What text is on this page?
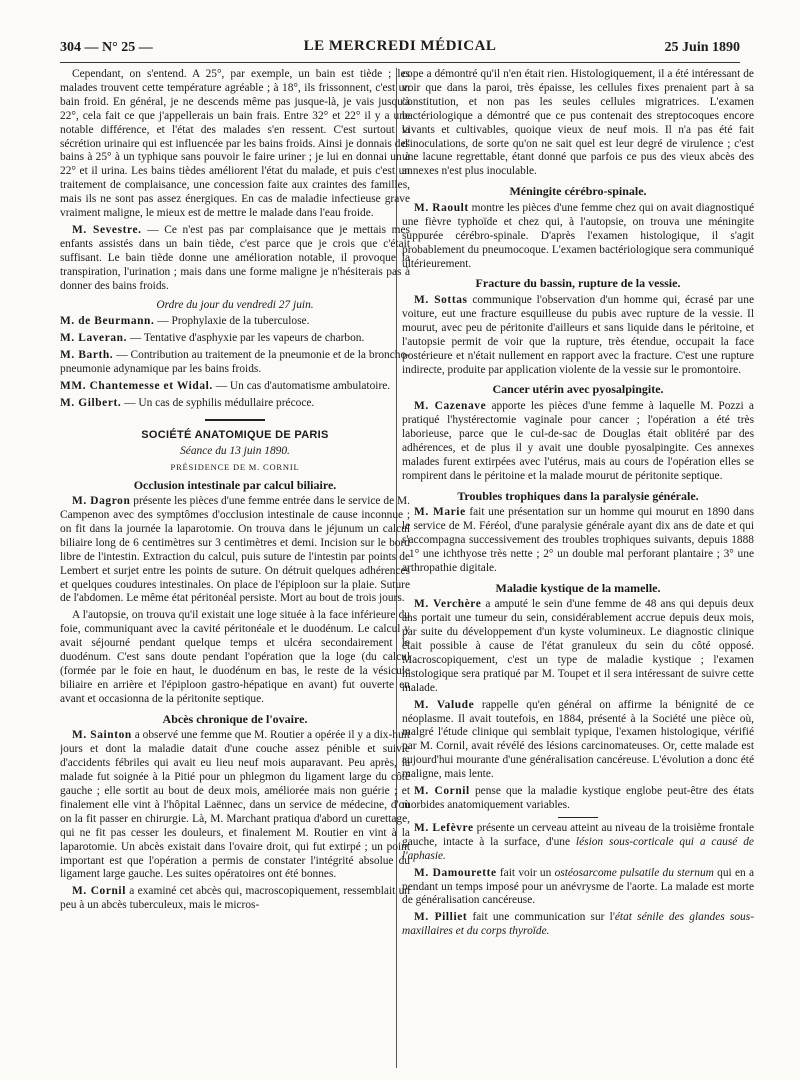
304 — N° 25 —	LE MERCREDI MÉDICAL	25 Juin 1890

Cependant, on s'entend. A 25°, par exemple, un bain est tiède ; les malades trouvent cette température agréable ; à 18°, ils frissonnent, c'est un bain froid. En général, je ne descends même pas jusque-là, je vais jusqu'à 22°, cela fait ce que j'appellerais un bain frais. Entre 32° et 22° il y a une notable différence, et l'état des malades s'en ressent. C'est surtout la sécrétion urinaire qui est influencée par les bains froids. Ainsi je donnais des bains à 25° à un typhique sans pouvoir le faire uriner ; je lui en donnai un à 22° et il urina. Les bains tièdes améliorent l'état du malade, et puis c'est un traitement de complaisance, une concession faite aux craintes des familles, mais ils ne sont pas assez énergiques. En cas de maladie infectieuse grave vraiment maligne, le mieux est de mettre le malade dans l'eau froide.

M. Sevestre. — Ce n'est pas par complaisance que je mettais mes enfants assistés dans un bain tiède, c'est parce que je crois que c'était suffisant. Le bain tiède donne une amélioration notable, il provoque la transpiration, l'urination ; mais dans une forme maligne je n'hésiterais pas à donner des bains froids.

Ordre du jour du vendredi 27 juin.

M. de Beurmann. — Prophylaxie de la tuberculose.

M. Laveran. — Tentative d'asphyxie par les vapeurs de charbon.

M. Barth. — Contribution au traitement de la pneumonie et de la broncho-pneumonie adynamique par les bains froids.

MM. Chantemesse et Widal. — Un cas d'automatisme ambulatoire.

M. Gilbert. — Un cas de syphilis médullaire précoce.

SOCIÉTÉ ANATOMIQUE DE PARIS

Séance du 13 juin 1890.

PRÉSIDENCE DE M. CORNIL

Occlusion intestinale par calcul biliaire.

M. Dagron présente les pièces d'une femme entrée dans le service de M. Campenon avec des symptômes d'occlusion intestinale de cause inconnue ; on fit dans la journée la laparotomie. On trouva dans le jéjunum un calcul biliaire long de 6 centimètres sur 3 centimètres et demi. Incision sur le bord libre de l'intestin. Extraction du calcul, puis suture de l'intestin par points de Lembert et surjet entre les points de suture. On détruit quelques adhérences et quelques coudures intestinales. On place de l'épiploon sur la plaie. Suture de l'abdomen. Le même état péritonéal persiste. Mort au bout de trois jours.

A l'autopsie, on trouva qu'il existait une loge située à la face inférieure du foie, communiquant avec la cavité péritonéale et le duodénum. Le calcul y avait séjourné pendant quelque temps et ulcéra secondairement le duodénum. C'est sans doute pendant l'opération que la loge (du calcul (formée par le foie en haut, le duodénum en bas, le reste de la vésicule biliaire en arrière et l'épiploon gastro-hépatique en avant) fut ouverte en avant et occasionna de la péritonite septique.

Abcès chronique de l'ovaire.

M. Sainton a observé une femme que M. Routier a opérée il y a dix-huit jours et dont la maladie datait d'une couche assez pénible et suivie d'accidents fébriles qui avait eu lieu neuf mois auparavant. Peu après, la malade fut soignée à la Pitié pour un phlegmon du ligament large du côté gauche ; elle sortit au bout de deux mois, améliorée mais non guérie ; et finalement elle vint à l'hôpital Laënnec, dans un service de médecine, d'où on la fit passer en chirurgie. Là, M. Marchant pratiqua d'abord un curettage, qui ne fit pas cesser les douleurs, et finalement M. Routier en vint à la laparotomie. Un abcès existait dans l'ovaire droit, qui fut extirpé ; un point important est que l'opération a permis de constater l'intégrité absolue du ligament large gauche. Les suites opératoires ont été bonnes.

M. Cornil a examiné cet abcès qui, macroscopiquement, ressemblait un peu à un abcès tuberculeux, mais le micros-

cope a démontré qu'il n'en était rien. Histologiquement, il a été intéressant de voir que dans la paroi, très épaisse, les cellules fixes prenaient part à sa constitution, et non pas les seules cellules migratrices. L'examen bactériologique a démontré que ce pus contenait des streptocoques encore vivants et cultivables, quoique vieux de neuf mois. Il n'a pas été fait d'inoculations, de sorte qu'on ne sait quel est leur degré de virulence ; c'est une lacune regrettable, étant donné que parfois ce pus des vieux abcès des annexes n'est plus inoculable.

Méningite cérébro-spinale.

M. Raoult montre les pièces d'une femme chez qui on avait diagnostiqué une fièvre typhoïde et chez qui, à l'autopsie, on trouva une méningite suppurée cérébro-spinale. D'après l'examen histologique, il s'agit probablement du pneumocoque. L'examen bactériologique sera communiqué ultérieurement.

Fracture du bassin, rupture de la vessie.

M. Sottas communique l'observation d'un homme qui, écrasé par une voiture, eut une fracture esquilleuse du pubis avec rupture de la vessie. Il mourut, avec peu de péritonite d'ailleurs et sans liquide dans le péritoine, et l'autopsie permit de voir que la rupture, très étendue, occupait la face postérieure et n'était nullement en rapport avec la fracture. C'est une rupture indirecte, produite par application violente de la vessie sur le promontoire.

Cancer utérin avec pyosalpingite.

M. Cazenave apporte les pièces d'une femme à laquelle M. Pozzi a pratiqué l'hystérectomie vaginale pour cancer ; l'opération a été très laborieuse, parce que le cul-de-sac de Douglas était oblitéré par des adhérences, et de plus il y avait une double pyosalpingite. Ces annexes malades furent extirpées avec l'utérus, mais au cours de l'opération elles se rompirent dans le péritoine et la malade mourut de péritonite septique.

Troubles trophiques dans la paralysie générale.

M. Marie fait une présentation sur un homme qui mourut en 1890 dans le service de M. Féréol, d'une paralysie générale ayant dix ans de date et qui s'accompagna successivement des troubles trophiques suivants, depuis 1888 : 1° une ichthyose très nette ; 2° un double mal perforant plantaire ; 3° une arthropathie digitale.

Maladie kystique de la mamelle.

M. Verchère a amputé le sein d'une femme de 48 ans qui depuis deux ans portait une tumeur du sein, considérablement accrue depuis deux mois, par suite du développement d'un kyste volumineux. Le diagnostic clinique était possible à cause de l'état granuleux du sein du côté opposé. Macroscopiquement, c'est un type de maladie kystique ; l'examen histologique sera pratiqué par M. Toupet et il sera intéressant de suivre cette malade.

M. Valude rappelle qu'en général on affirme la bénignité de ce néoplasme. Il avait toutefois, en 1884, présenté à la Société une pièce où, malgré l'étude clinique qui semblait typique, l'examen histologique, vérifié par M. Cornil, avait révélé des lésions carcinomateuses. Or, cette malade est aujourd'hui mourante d'une généralisation cancéreuse. L'évolution a donc été maligne, mais lente.

M. Cornil pense que la maladie kystique englobe peut-être des états morbides anatomiquement variables.

M. Lefèvre présente un cerveau atteint au niveau de la troisième frontale gauche, intacte à la surface, d'une lésion sous-corticale qui a causé de l'aphasie.

M. Damourette fait voir un ostéosarcome pulsatile du sternum qui en a pendant un temps imposé pour un anévrysme de l'aorte. La malade est morte de généralisation cancéreuse.

M. Pilliet fait une communication sur l'état sénile des glandes sous-maxillaires et du corps thyroïde.
